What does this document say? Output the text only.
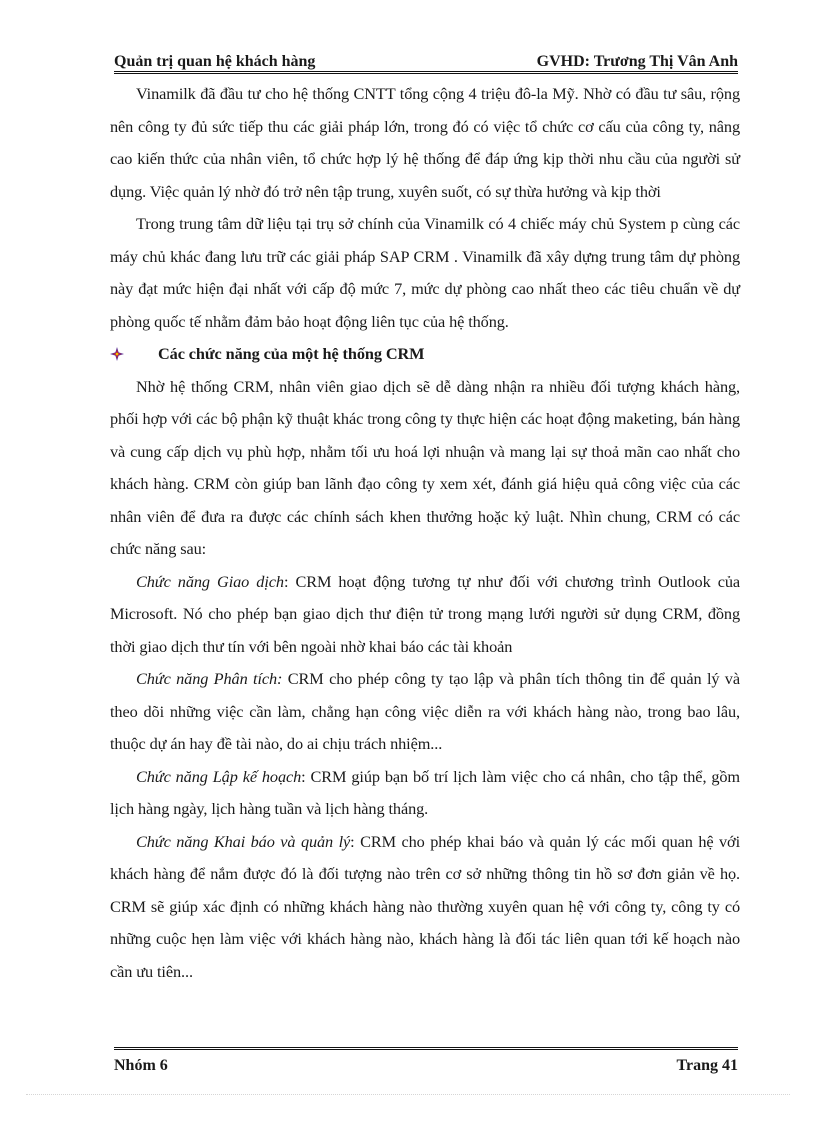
Quản trị quan hệ khách hàng	GVHD: Trương Thị Vân Anh

Vinamilk đã đầu tư cho hệ thống CNTT tổng cộng 4 triệu đô-la Mỹ. Nhờ có đầu tư sâu, rộng nên công ty đủ sức tiếp thu các giải pháp lớn, trong đó có việc tổ chức cơ cấu của công ty, nâng cao kiến thức của nhân viên, tổ chức hợp lý hệ thống để đáp ứng kịp thời nhu cầu của người sử dụng. Việc quản lý nhờ đó trở nên tập trung, xuyên suốt, có sự thừa hưởng và kịp thời

Trong trung tâm dữ liệu tại trụ sở chính của Vinamilk có 4 chiếc máy chủ System p cùng các máy chủ khác đang lưu trữ các giải pháp SAP CRM . Vinamilk đã xây dựng trung tâm dự phòng này đạt mức hiện đại nhất với cấp độ mức 7, mức dự phòng cao nhất theo các tiêu chuẩn về dự phòng quốc tế nhằm đảm bảo hoạt động liên tục của hệ thống.

Các chức năng của một hệ thống CRM

Nhờ hệ thống CRM, nhân viên giao dịch sẽ dễ dàng nhận ra nhiều đối tượng khách hàng, phối hợp với các bộ phận kỹ thuật khác trong công ty thực hiện các hoạt động maketing, bán hàng và cung cấp dịch vụ phù hợp, nhằm tối ưu hoá lợi nhuận và mang lại sự thoả mãn cao nhất cho khách hàng. CRM còn giúp ban lãnh đạo công ty xem xét, đánh giá hiệu quả công việc của các nhân viên để đưa ra được các chính sách khen thưởng hoặc kỷ luật. Nhìn chung, CRM có các chức năng sau:

Chức năng Giao dịch: CRM hoạt động tương tự như đối với chương trình Outlook của Microsoft. Nó cho phép bạn giao dịch thư điện tử trong mạng lưới người sử dụng CRM, đồng thời giao dịch thư tín với bên ngoài nhờ khai báo các tài khoản

Chức năng Phân tích: CRM cho phép công ty tạo lập và phân tích thông tin để quản lý và theo dõi những việc cần làm, chẳng hạn công việc diễn ra với khách hàng nào, trong bao lâu, thuộc dự án hay đề tài nào, do ai chịu trách nhiệm...

Chức năng Lập kế hoạch: CRM giúp bạn bố trí lịch làm việc cho cá nhân, cho tập thể, gồm lịch hàng ngày, lịch hàng tuần và lịch hàng tháng.

Chức năng Khai báo và quản lý: CRM cho phép khai báo và quản lý các mối quan hệ với khách hàng để nắm được đó là đối tượng nào trên cơ sở những thông tin hồ sơ đơn giản về họ. CRM sẽ giúp xác định có những khách hàng nào thường xuyên quan hệ với công ty, công ty có những cuộc hẹn làm việc với khách hàng nào, khách hàng là đối tác liên quan tới kế hoạch nào cần ưu tiên...

Nhóm 6	Trang 41
